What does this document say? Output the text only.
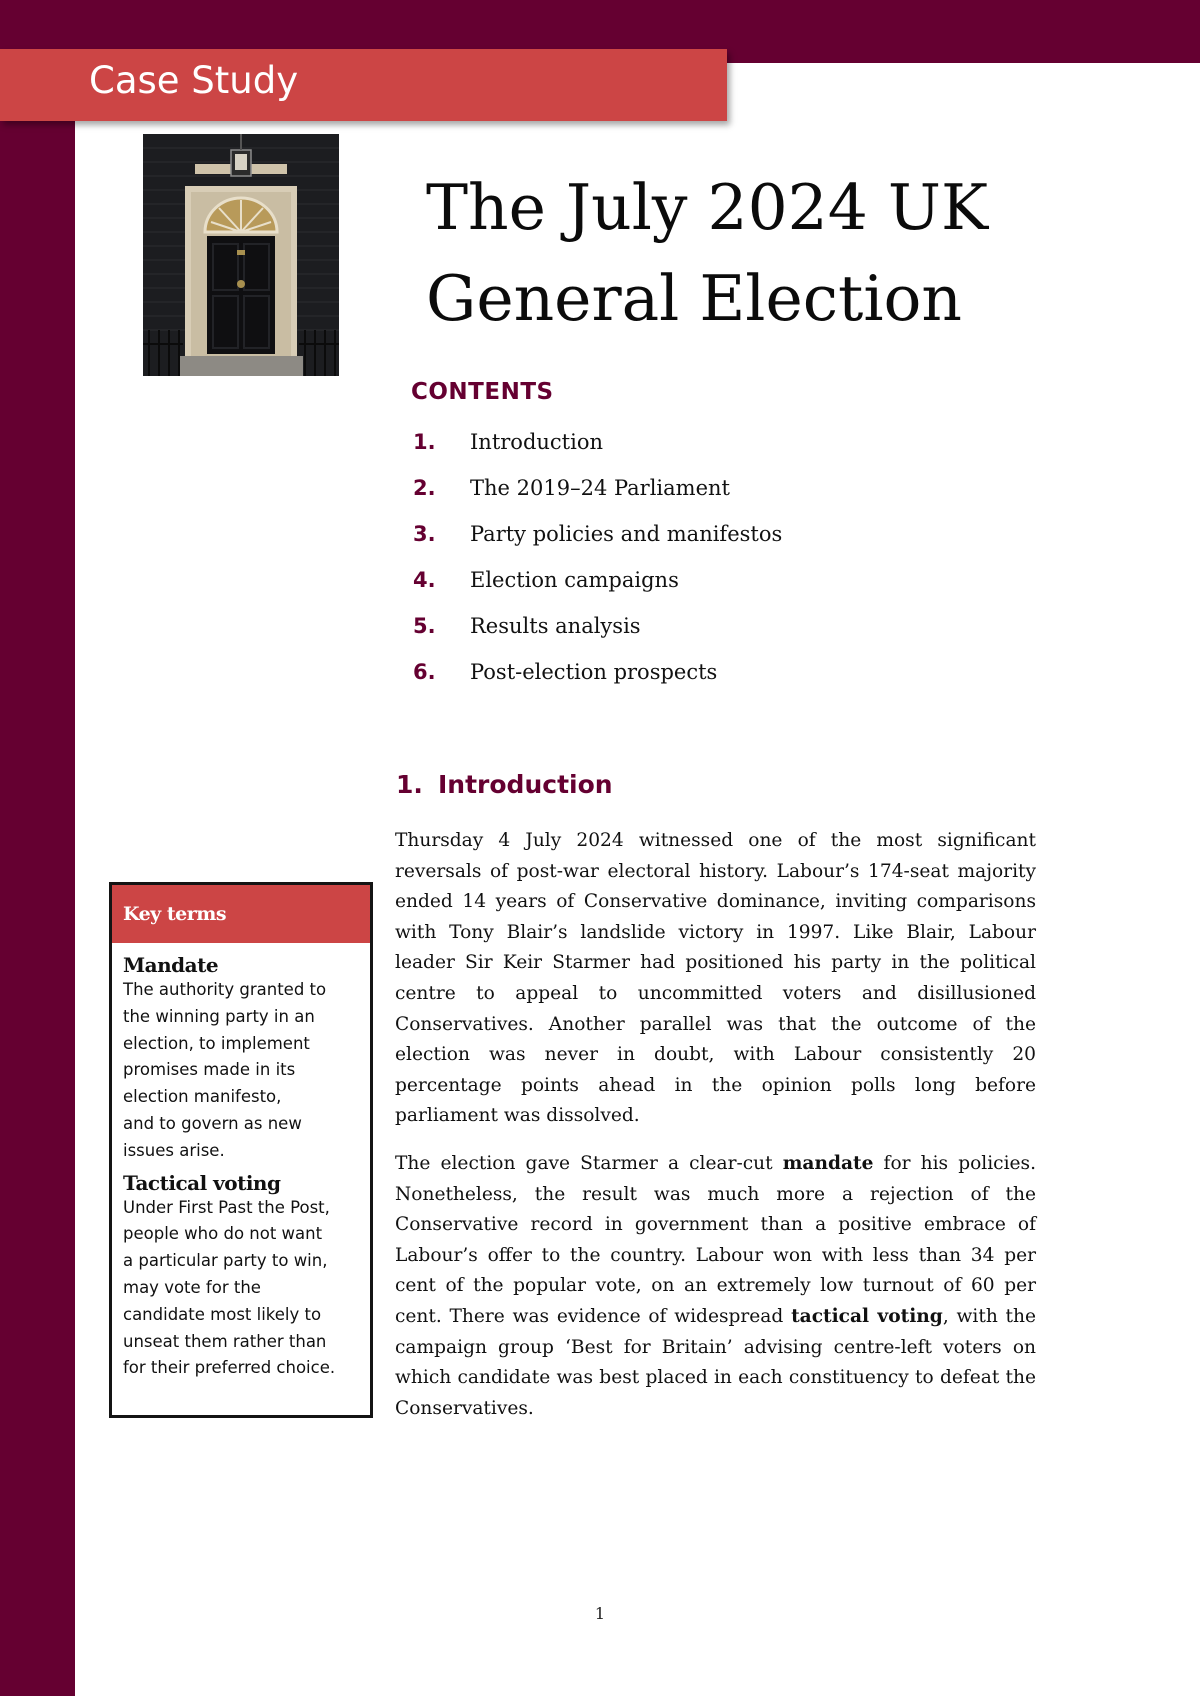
Case Study
The July 2024 UK
General Election
CONTENTS
1.	Introduction
2.	The 2019–24 Parliament
3.	Party policies and manifestos
4.	Election campaigns
5.	Results analysis
6.	Post-election prospects
1. Introduction

Thursday 4 July 2024 witnessed one of the most significant reversals of post-war electoral history. Labour’s 174-seat majority ended 14 years of Conservative dominance, inviting comparisons with Tony Blair’s landslide victory in 1997. Like Blair, Labour leader Sir Keir Starmer had positioned his party in the political centre to appeal to uncommitted voters and disillusioned Conservatives. Another parallel was that the outcome of the election was never in doubt, with Labour consistently 20 percentage points ahead in the opinion polls long before parliament was dissolved.

The election gave Starmer a clear-cut mandate for his policies. Nonetheless, the result was much more a rejection of the Conservative record in government than a positive embrace of Labour’s offer to the country. Labour won with less than 34 per cent of the popular vote, on an extremely low turnout of 60 per cent. There was evidence of widespread tactical voting, with the campaign group ‘Best for Britain’ advising centre-left voters on which candidate was best placed in each constituency to defeat the Conservatives.

Key terms
Mandate
The authority granted to
the winning party in an
election, to implement
promises made in its
election manifesto,
and to govern as new
issues arise.
Tactical voting
Under First Past the Post,
people who do not want
a particular party to win,
may vote for the
candidate most likely to
unseat them rather than
for their preferred choice.
1
